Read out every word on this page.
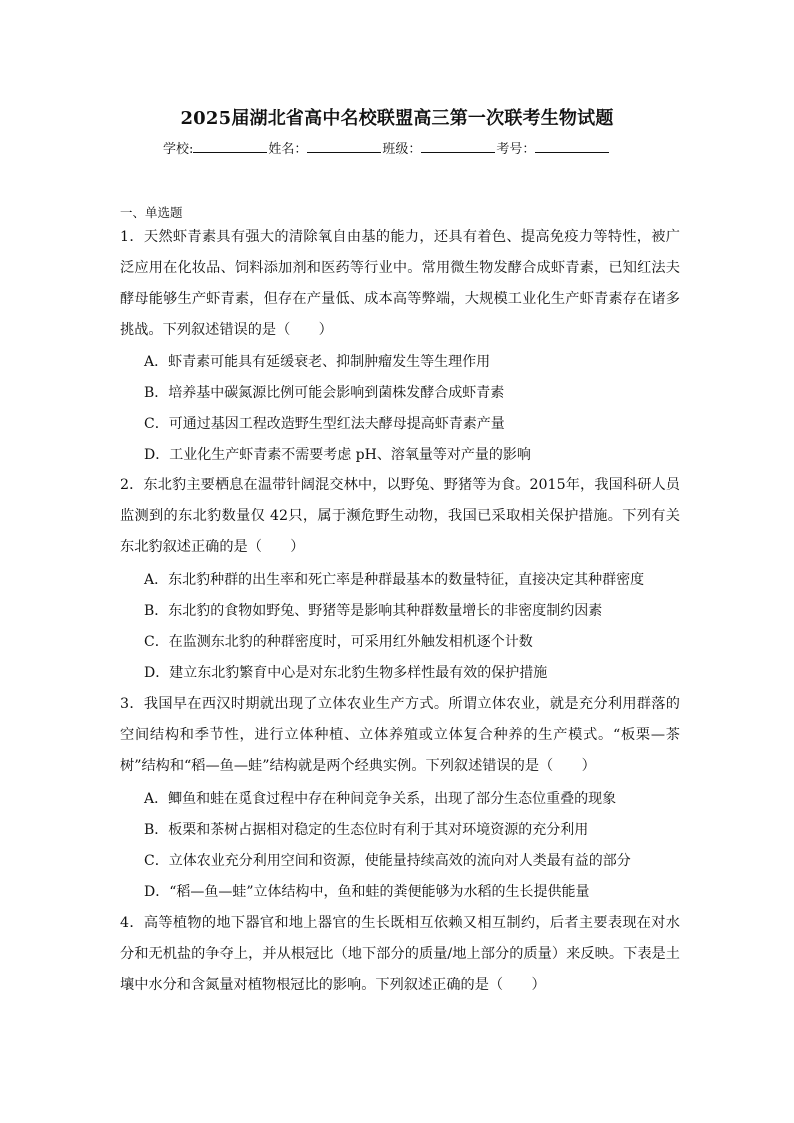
2025届湖北省高中名校联盟高三第一次联考生物试题
学校:	姓名：	班级：	考号：
一、单选题
1．天然虾青素具有强大的清除氧自由基的能力，还具有着色、提高免疫力等特性，被广泛应用在化妆品、饲料添加剂和医药等行业中。常用微生物发酵合成虾青素，已知红法夫酵母能够生产虾青素，但存在产量低、成本高等弊端，大规模工业化生产虾青素存在诸多挑战。下列叙述错误的是（　　）
A．虾青素可能具有延缓衰老、抑制肿瘤发生等生理作用
B．培养基中碳氮源比例可能会影响到菌株发酵合成虾青素
C．可通过基因工程改造野生型红法夫酵母提高虾青素产量
D．工业化生产虾青素不需要考虑 pH、溶氧量等对产量的影响
2．东北豹主要栖息在温带针阔混交林中，以野兔、野猪等为食。2015年，我国科研人员监测到的东北豹数量仅 42只，属于濒危野生动物，我国已采取相关保护措施。下列有关东北豹叙述正确的是（　　）
A．东北豹种群的出生率和死亡率是种群最基本的数量特征，直接决定其种群密度
B．东北豹的食物如野兔、野猪等是影响其种群数量增长的非密度制约因素
C．在监测东北豹的种群密度时，可采用红外触发相机逐个计数
D．建立东北豹繁育中心是对东北豹生物多样性最有效的保护措施
3．我国早在西汉时期就出现了立体农业生产方式。所谓立体农业，就是充分利用群落的空间结构和季节性，进行立体种植、立体养殖或立体复合种养的生产模式。“板栗—茶树”结构和“稻—鱼—蛙”结构就是两个经典实例。下列叙述错误的是（　　）
A．鲫鱼和蛙在觅食过程中存在种间竞争关系，出现了部分生态位重叠的现象
B．板栗和茶树占据相对稳定的生态位时有利于其对环境资源的充分利用
C．立体农业充分利用空间和资源，使能量持续高效的流向对人类最有益的部分
D．“稻—鱼—蛙”立体结构中，鱼和蛙的粪便能够为水稻的生长提供能量
4．高等植物的地下器官和地上器官的生长既相互依赖又相互制约，后者主要表现在对水分和无机盐的争夺上，并从根冠比（地下部分的质量/地上部分的质量）来反映。下表是土壤中水分和含氮量对植物根冠比的影响。下列叙述正确的是（　　）
